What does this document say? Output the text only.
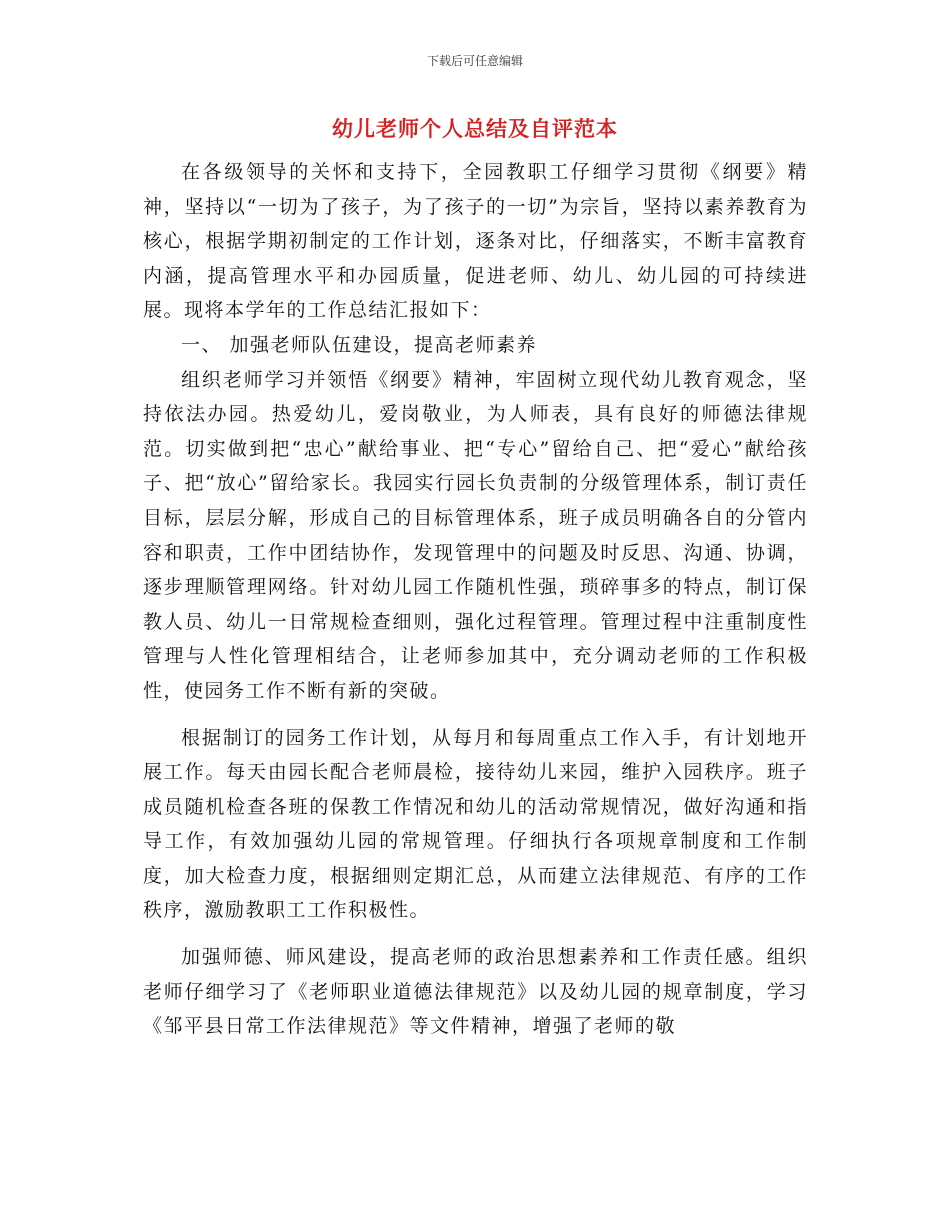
下载后可任意编辑
幼儿老师个人总结及自评范本

在各级领导的关怀和支持下，全园教职工仔细学习贯彻《纲要》精神，坚持以“一切为了孩子，为了孩子的一切”为宗旨，坚持以素养教育为核心，根据学期初制定的工作计划，逐条对比，仔细落实，不断丰富教育内涵，提高管理水平和办园质量，促进老师、幼儿、幼儿园的可持续进展。现将本学年的工作总结汇报如下：

一、 加强老师队伍建设，提高老师素养

组织老师学习并领悟《纲要》精神，牢固树立现代幼儿教育观念，坚持依法办园。热爱幼儿，爱岗敬业，为人师表，具有良好的师德法律规范。切实做到把“忠心”献给事业、把“专心”留给自己、把“爱心”献给孩子、把“放心”留给家长。我园实行园长负责制的分级管理体系，制订责任目标，层层分解，形成自己的目标管理体系，班子成员明确各自的分管内容和职责，工作中团结协作，发现管理中的问题及时反思、沟通、协调，逐步理顺管理网络。针对幼儿园工作随机性强，琐碎事多的特点，制订保教人员、幼儿一日常规检查细则，强化过程管理。管理过程中注重制度性管理与人性化管理相结合，让老师参加其中，充分调动老师的工作积极性，使园务工作不断有新的突破。

根据制订的园务工作计划，从每月和每周重点工作入手，有计划地开展工作。每天由园长配合老师晨检，接待幼儿来园，维护入园秩序。班子成员随机检查各班的保教工作情况和幼儿的活动常规情况，做好沟通和指导工作，有效加强幼儿园的常规管理。仔细执行各项规章制度和工作制度，加大检查力度，根据细则定期汇总，从而建立法律规范、有序的工作秩序，激励教职工工作积极性。

加强师德、师风建设，提高老师的政治思想素养和工作责任感。组织老师仔细学习了《老师职业道德法律规范》以及幼儿园的规章制度，学习《邹平县日常工作法律规范》等文件精神，增强了老师的敬
